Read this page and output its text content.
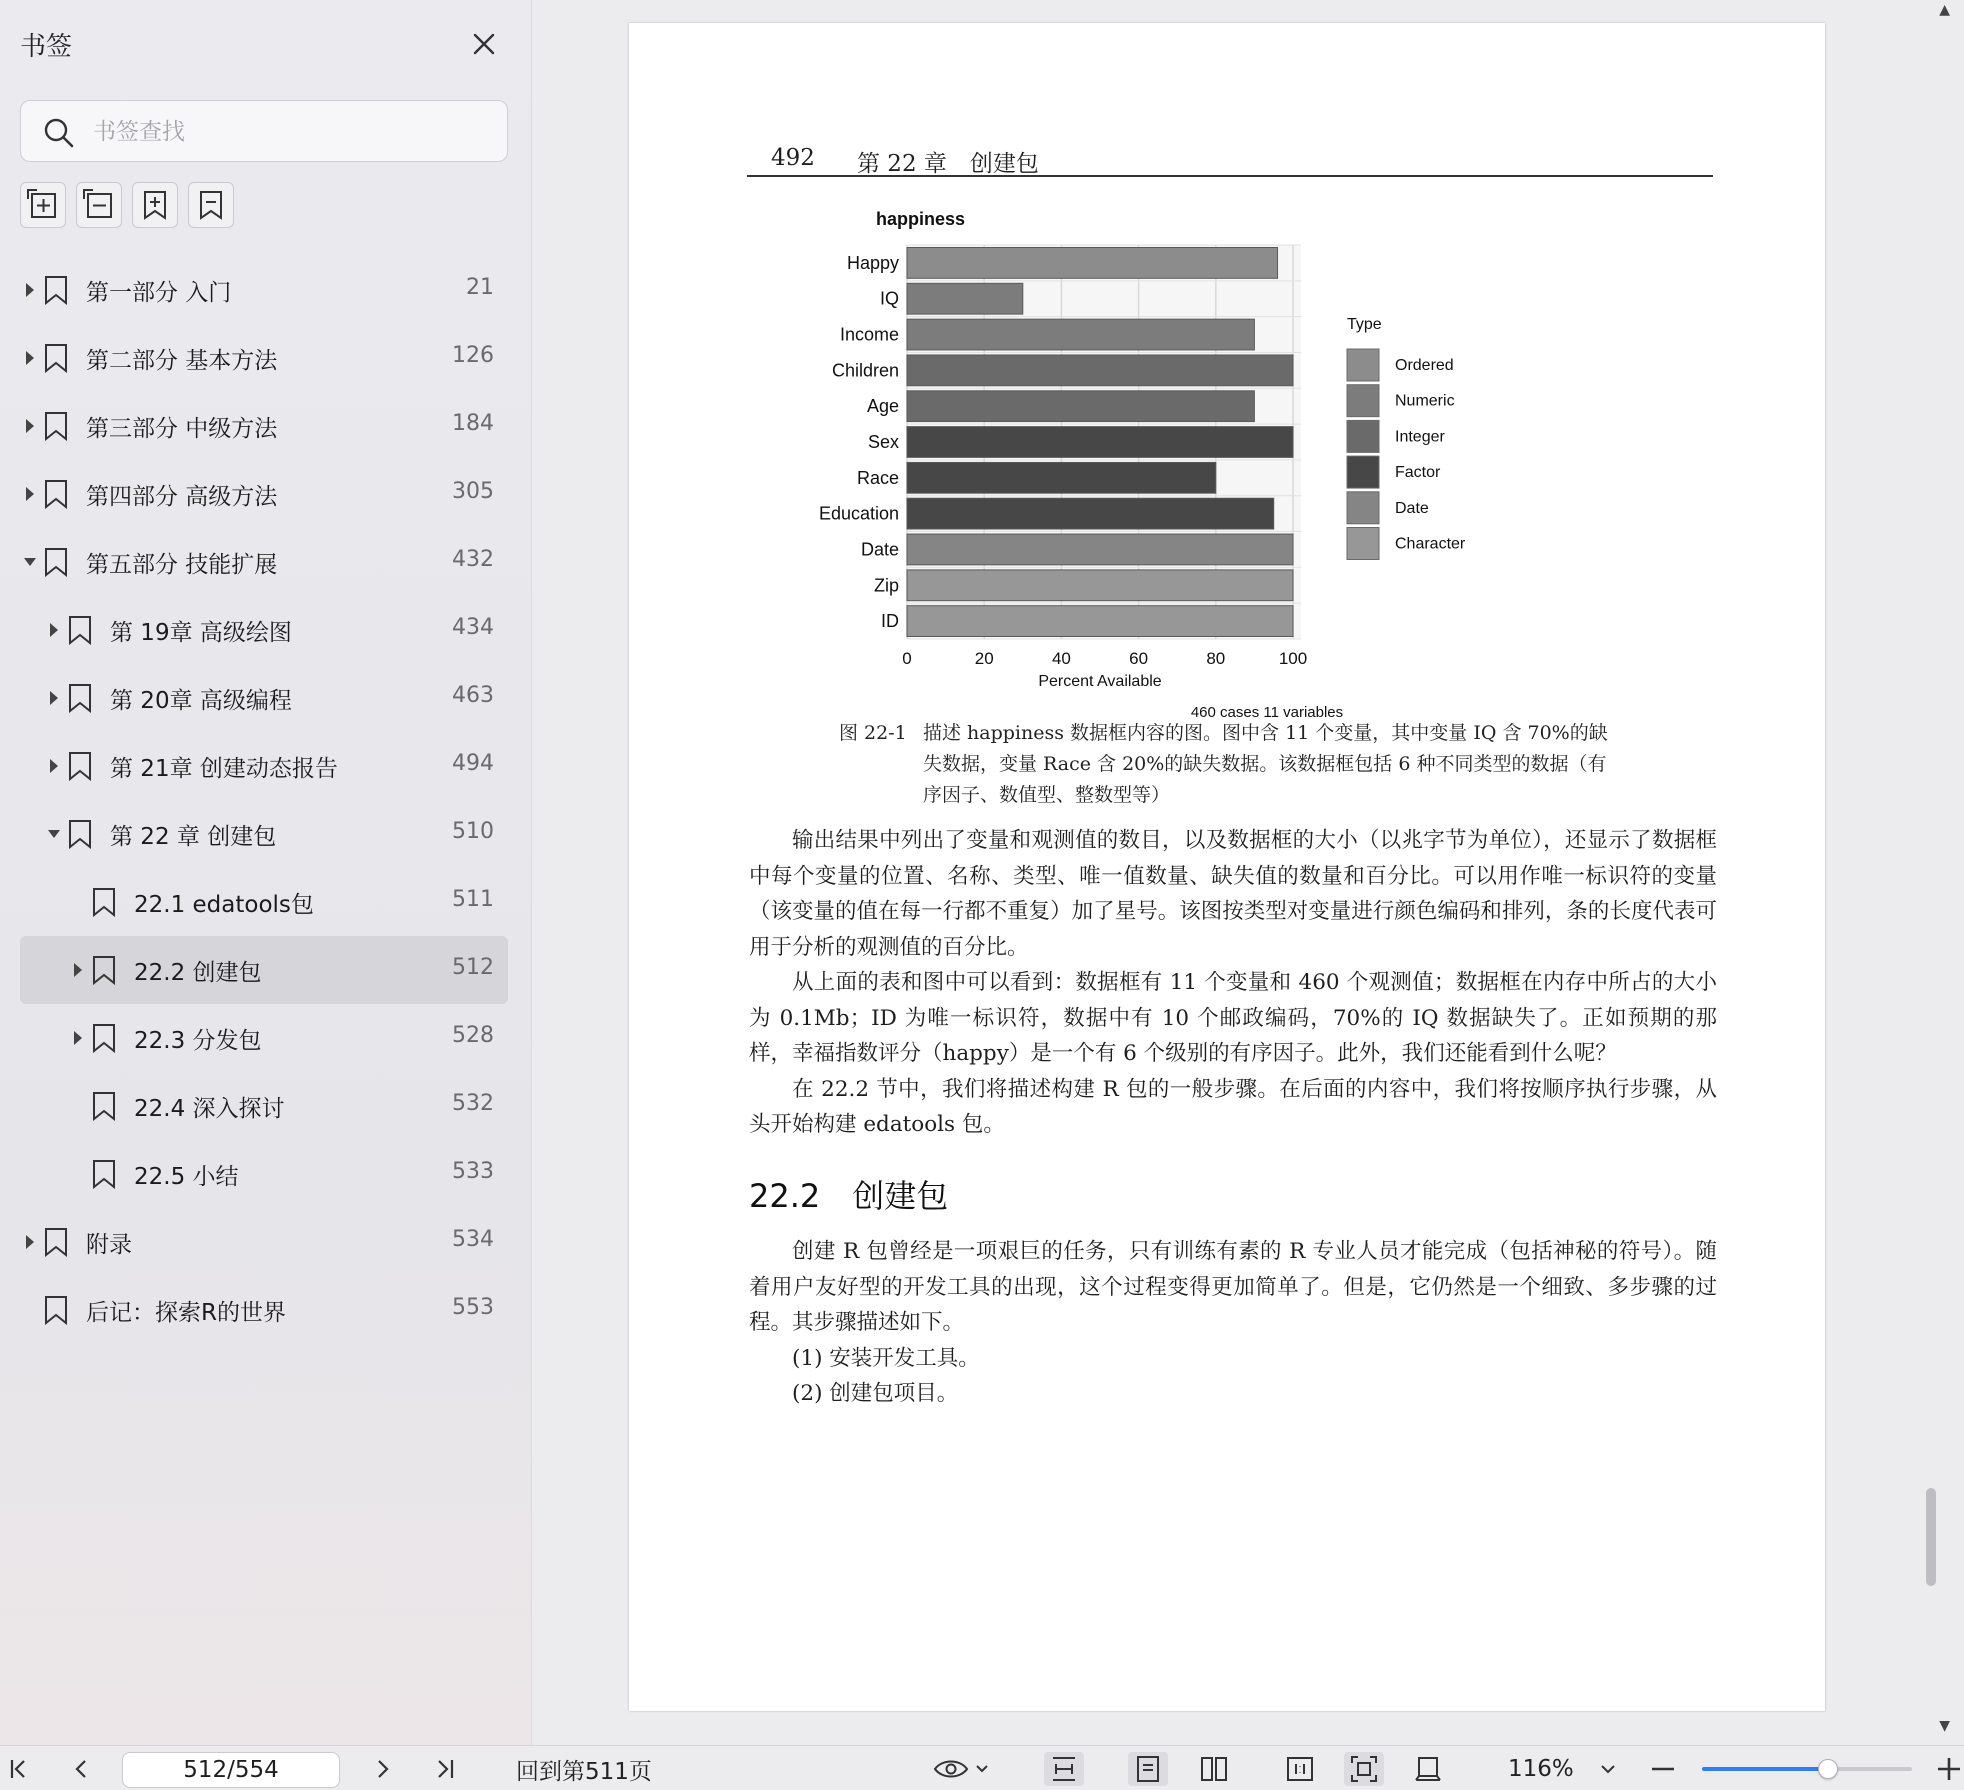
书签
书签查找
第一部分 入门	21
第二部分 基本方法	126
第三部分 中级方法	184
第四部分 高级方法	305
第五部分 技能扩展	432
第 19章 高级绘图	434
第 20章 高级编程	463
第 21章 创建动态报告	494
第 22 章 创建包	510
22.1 edatools包	511
22.2 创建包	512
22.3 分发包	528
22.4 深入探讨	532
22.5 小结	533
附录	534
后记：探索R的世界	553
492 第 22 章　创建包
happiness
Happy
IQ
Income
Children
Age
Sex
Race
Education
Date
Zip
ID
0	20	40	60	80	100
Percent Available
460 cases 11 variables
Type
Ordered
Numeric
Integer
Factor
Date
Character
图 22-1 描述 happiness 数据框内容的图。图中含 11 个变量，其中变量 IQ 含 70%的缺失数据，变量 Race 含 20%的缺失数据。该数据框包括 6 种不同类型的数据（有序因子、数值型、整数型等）

输出结果中列出了变量和观测值的数目，以及数据框的大小（以兆字节为单位），还显示了数据框中每个变量的位置、名称、类型、唯一值数量、缺失值的数量和百分比。可以用作唯一标识符的变量（该变量的值在每一行都不重复）加了星号。该图按类型对变量进行颜色编码和排列，条的长度代表可用于分析的观测值的百分比。

从上面的表和图中可以看到：数据框有 11 个变量和 460 个观测值；数据框在内存中所占的大小为 0.1Mb；ID 为唯一标识符，数据中有 10 个邮政编码，70%的 IQ 数据缺失了。正如预期的那样，幸福指数评分（happy）是一个有 6 个级别的有序因子。此外，我们还能看到什么呢？

在 22.2 节中，我们将描述构建 R 包的一般步骤。在后面的内容中，我们将按顺序执行步骤，从头开始构建 edatools 包。

22.2　创建包

创建 R 包曾经是一项艰巨的任务，只有训练有素的 R 专业人员才能完成（包括神秘的符号）。随着用户友好型的开发工具的出现，这个过程变得更加简单了。但是，它仍然是一个细致、多步骤的过程。其步骤描述如下。

(1) 安装开发工具。

(2) 创建包项目。

▲
▼
512/554	回到第511页	116%
